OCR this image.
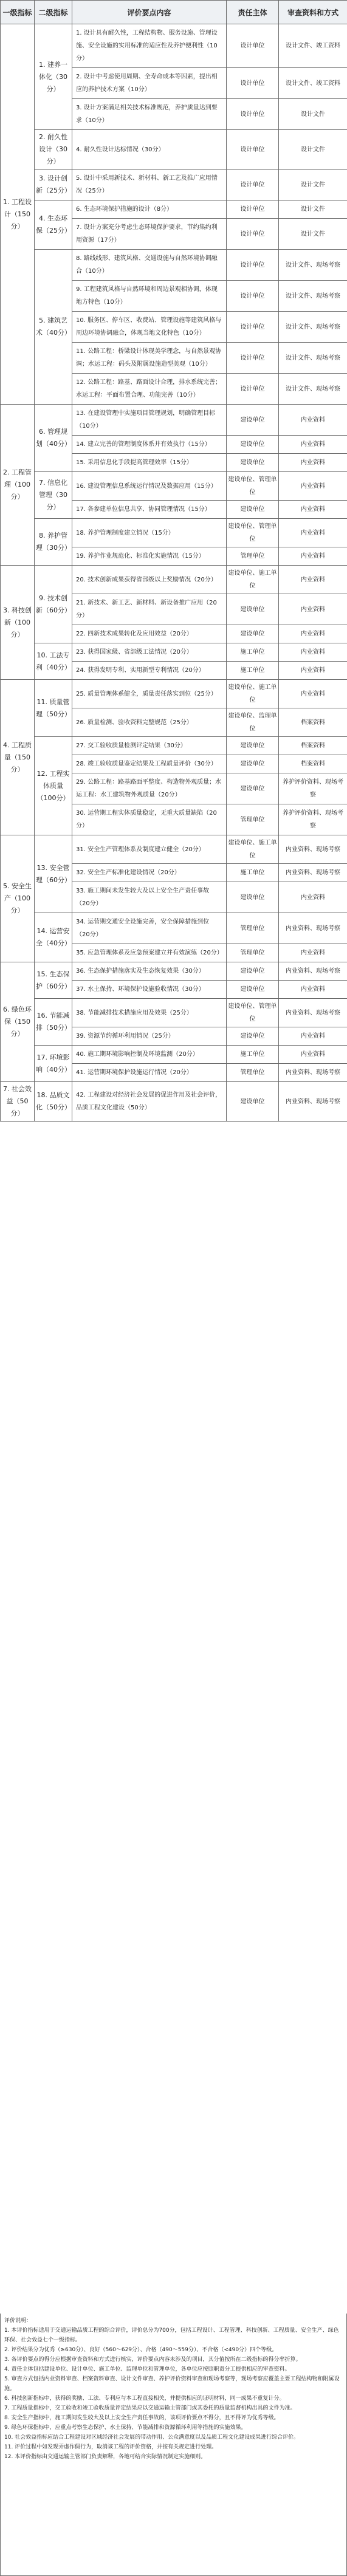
一级指标	二级指标	评价要点内容	责任主体	审查资料和方式
1. 工程设计（150分）	1. 建养一体化（30分）	1. 设计具有耐久性，工程结构物、服务设施、管理设施、安全设施的实用标准的适应性及养护便利性（10分）	设计单位	设计文件、竣工资料
		2. 设计中考虑使用周期、全寿命成本等因素，提出相应的养护技术方案（10分）	设计单位	设计文件、竣工资料
		3. 设计方案满足相关技术标准规范，养护质量达到要求（10分）	设计单位	设计文件
	2. 耐久性设计（30分）	4. 耐久性设计达标情况（30分）	设计单位	设计文件
	3. 设计创新（25分）	5. 设计中采用新技术、新材料、新工艺及推广应用情况（25分）	设计单位	设计文件
	4. 生态环保（25分）	6. 生态环境保护措施的设计（8分）	设计单位	设计文件
		7. 设计方案充分考虑生态环境保护要求，节约集约利用资源（17分）	设计单位	设计文件
	5. 建筑艺术（40分）	8. 路线线形、建筑风格、交通设施与自然环境协调融合（10分）	设计单位	设计文件、现场考察
		9. 工程建筑风格与自然环境和周边景观相协调，体现地方特色（10分）	设计单位	设计文件、现场考察
		10. 服务区、停车区、收费站、管理设施等建筑风格与周边环境协调融合，体现当地文化特色（10分）	设计单位	设计文件、现场考察
		11. 公路工程：桥梁设计体现美学理念，与自然景观协调；水运工程：码头及附属设施造型美观（10分）	设计单位	设计文件、现场考察
		12. 公路工程：路基、路面设计合理，排水系统完善；水运工程：平面布置合理、功能完善（10分）	设计单位	设计文件、现场考察
2. 工程管理（100分）	6. 管理规划（40分）	13. 在建设管理中实施项目管理规划，明确管理目标（10分）	建设单位	内业资料
		14. 建立完善的管理制度体系并有效执行（15分）	建设单位	内业资料
		15. 采用信息化手段提高管理效率（15分）	建设单位	内业资料
	7. 信息化管理（30分）	16. 建设管理信息系统运行情况及数据应用（15分）	建设单位、管理单位	内业资料
		17. 各参建单位信息共享、协同管理情况（15分）	建设单位	内业资料
	8. 养护管理（30分）	18. 养护管理制度建立情况（15分）	建设单位、管理单位	内业资料
		19. 养护作业规范化、标准化实施情况（15分）	管理单位	内业资料
3. 科技创新（100分）	9. 技术创新（60分）	20. 技术创新成果获得省部级以上奖励情况（20分）	建设单位、施工单位	内业资料
		21. 新技术、新工艺、新材料、新设备推广应用（20分）	建设单位	内业资料
		22. 四新技术成果转化及应用效益（20分）	建设单位	内业资料
	10. 工法专利（40分）	23. 获得国家级、省部级工法情况（20分）	施工单位	内业资料
		24. 获得发明专利、实用新型专利情况（20分）	施工单位	内业资料
4. 工程质量（150分）	11. 质量管理（50分）	25. 质量管理体系健全，质量责任落实到位（25分）	建设单位、施工单位	内业资料
		26. 质量检测、验收资料完整规范（25分）	建设单位、监理单位	档案资料
	12. 工程实体质量（100分）	27. 交工验收质量检测评定结果（30分）	建设单位	档案资料
		28. 竣工验收质量鉴定结果及工程质量评价（30分）	建设单位	档案资料
		29. 公路工程：路基路面平整度、构造物外观质量；水运工程：水工建筑物外观质量（20分）	建设单位	养护评价资料、现场考察
		30. 运营期工程实体质量稳定，无重大质量缺陷（20分）	管理单位	养护评价资料、现场考察
5. 安全生产（100分）	13. 安全管理（60分）	31. 安全生产管理体系及制度建立健全（20分）	建设单位、施工单位	内业资料、现场考察
		32. 安全生产标准化建设情况（20分）	施工单位	内业资料、现场考察
		33. 施工期间未发生较大及以上安全生产责任事故（20分）	建设单位	内业资料
	14. 运营安全（40分）	34. 运营期交通安全设施完善，安全保障措施到位（20分）	管理单位	内业资料、现场考察
		35. 应急管理体系及应急预案建立并有效演练（20分）	管理单位	内业资料
6. 绿色环保（150分）	15. 生态保护（60分）	36. 生态保护措施落实及生态恢复效果（30分）	建设单位	内业资料、现场考察
		37. 水土保持、环境保护设施验收情况（30分）	建设单位	内业资料
	16. 节能减排（50分）	38. 节能减排技术措施应用及效果（25分）	建设单位、管理单位	内业资料、现场考察
		39. 资源节约循环利用情况（25分）	建设单位	内业资料
	17. 环境影响（40分）	40. 施工期环境影响控制及环境监测（20分）	施工单位	内业资料
		41. 运营期环境保护设施运行情况（20分）	管理单位	内业资料、现场考察
7. 社会效益（50分）	18. 品质文化（50分）	42. 工程建设对经济社会发展的促进作用及社会评价，品质工程文化建设（50分）	建设单位	内业资料、现场考察

评价说明：

1. 本评价指标适用于交通运输品质工程的综合评价，评价总分为700分，包括工程设计、工程管理、科技创新、工程质量、安全生产、绿色环保、社会效益七个一级指标。

2. 评价结果分为优秀（≥630分）、良好（560～629分）、合格（490～559分）、不合格（<490分）四个等级。

3. 各评价要点的得分应根据审查资料和方式进行核实，评价要点内容未涉及的项目，其分值按所在二级指标的得分率折算。

4. 责任主体包括建设单位、设计单位、施工单位、监理单位和管理单位，各单位应按照职责分工提供相应的审查资料。

5. 审查方式包括内业资料审查、档案资料审查、设计文件审查、养护评价资料审查和现场考察等，现场考察应覆盖主要工程结构物和附属设施。

6. 科技创新指标中，获得的奖励、工法、专利应与本工程直接相关，并提供相应的证明材料，同一成果不重复计分。

7. 工程质量指标中，交工验收和竣工验收质量评定结果应以交通运输主管部门或其委托的质量监督机构出具的文件为准。

8. 安全生产指标中，施工期间发生较大及以上安全生产责任事故的，该项评价要点不得分，且不得评为优秀等级。

9. 绿色环保指标中，应重点考察生态保护、水土保持、节能减排和资源循环利用等措施的实施效果。

10. 社会效益指标应结合工程建设对区域经济社会发展的带动作用、公众满意度以及品质工程文化建设成果进行综合评价。

11. 评价过程中如发现弄虚作假行为，取消该工程的评价资格，并按有关规定进行处理。

12. 本评价指标由交通运输主管部门负责解释，各地可结合实际情况制定实施细则。
